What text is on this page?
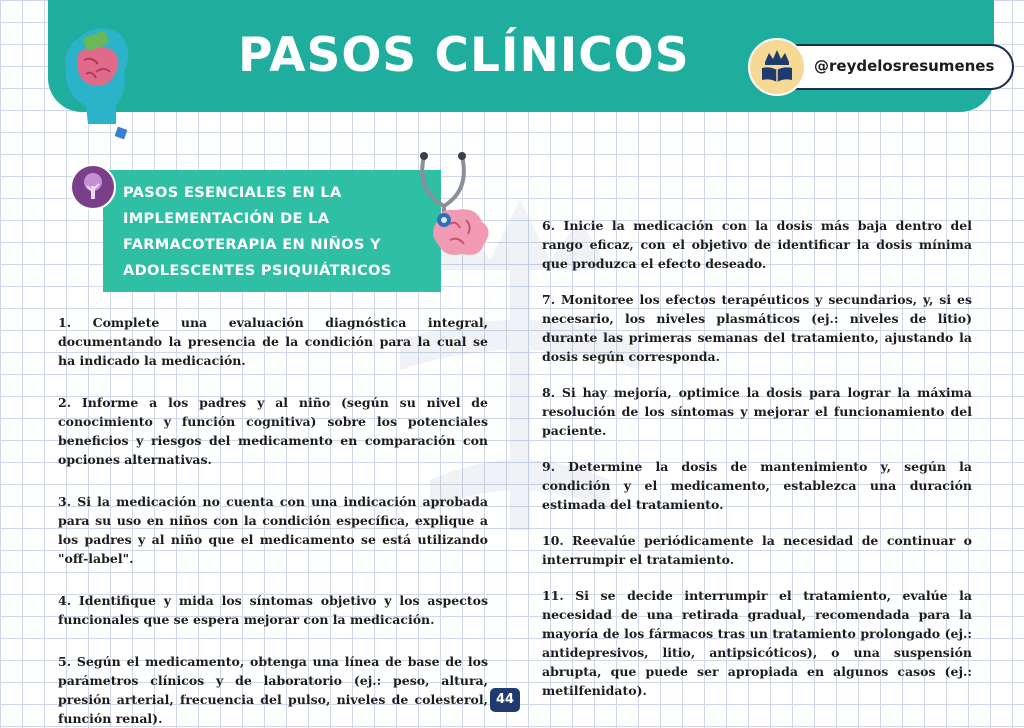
PASOS CLÍNICOS	@reydelosresumenes

PASOS ESENCIALES EN LA

IMPLEMENTACIÓN DE LA

FARMACOTERAPIA EN NIÑOS Y

ADOLESCENTES PSIQUIÁTRICOS

1. Complete una evaluación diagnóstica integral, documentando la presencia de la condición para la cual se ha indicado la medicación.

2. Informe a los padres y al niño (según su nivel de conocimiento y función cognitiva) sobre los potenciales beneficios y riesgos del medicamento en comparación con opciones alternativas.

3. Si la medicación no cuenta con una indicación aprobada para su uso en niños con la condición específica, explique a los padres y al niño que el medicamento se está utilizando "off-label".

4. Identifique y mida los síntomas objetivo y los aspectos funcionales que se espera mejorar con la medicación.

5. Según el medicamento, obtenga una línea de base de los parámetros clínicos y de laboratorio (ej.: peso, altura, presión arterial, frecuencia del pulso, niveles de colesterol, función renal).

6. Inicie la medicación con la dosis más baja dentro del rango eficaz, con el objetivo de identificar la dosis mínima que produzca el efecto deseado.

7. Monitoree los efectos terapéuticos y secundarios, y, si es necesario, los niveles plasmáticos (ej.: niveles de litio) durante las primeras semanas del tratamiento, ajustando la dosis según corresponda.

8. Si hay mejoría, optimice la dosis para lograr la máxima resolución de los síntomas y mejorar el funcionamiento del paciente.

9. Determine la dosis de mantenimiento y, según la condición y el medicamento, establezca una duración estimada del tratamiento.

10. Reevalúe periódicamente la necesidad de continuar o interrumpir el tratamiento.

11. Si se decide interrumpir el tratamiento, evalúe la necesidad de una retirada gradual, recomendada para la mayoría de los fármacos tras un tratamiento prolongado (ej.: antidepresivos, litio, antipsicóticos), o una suspensión abrupta, que puede ser apropiada en algunos casos (ej.: metilfenidato).

44
